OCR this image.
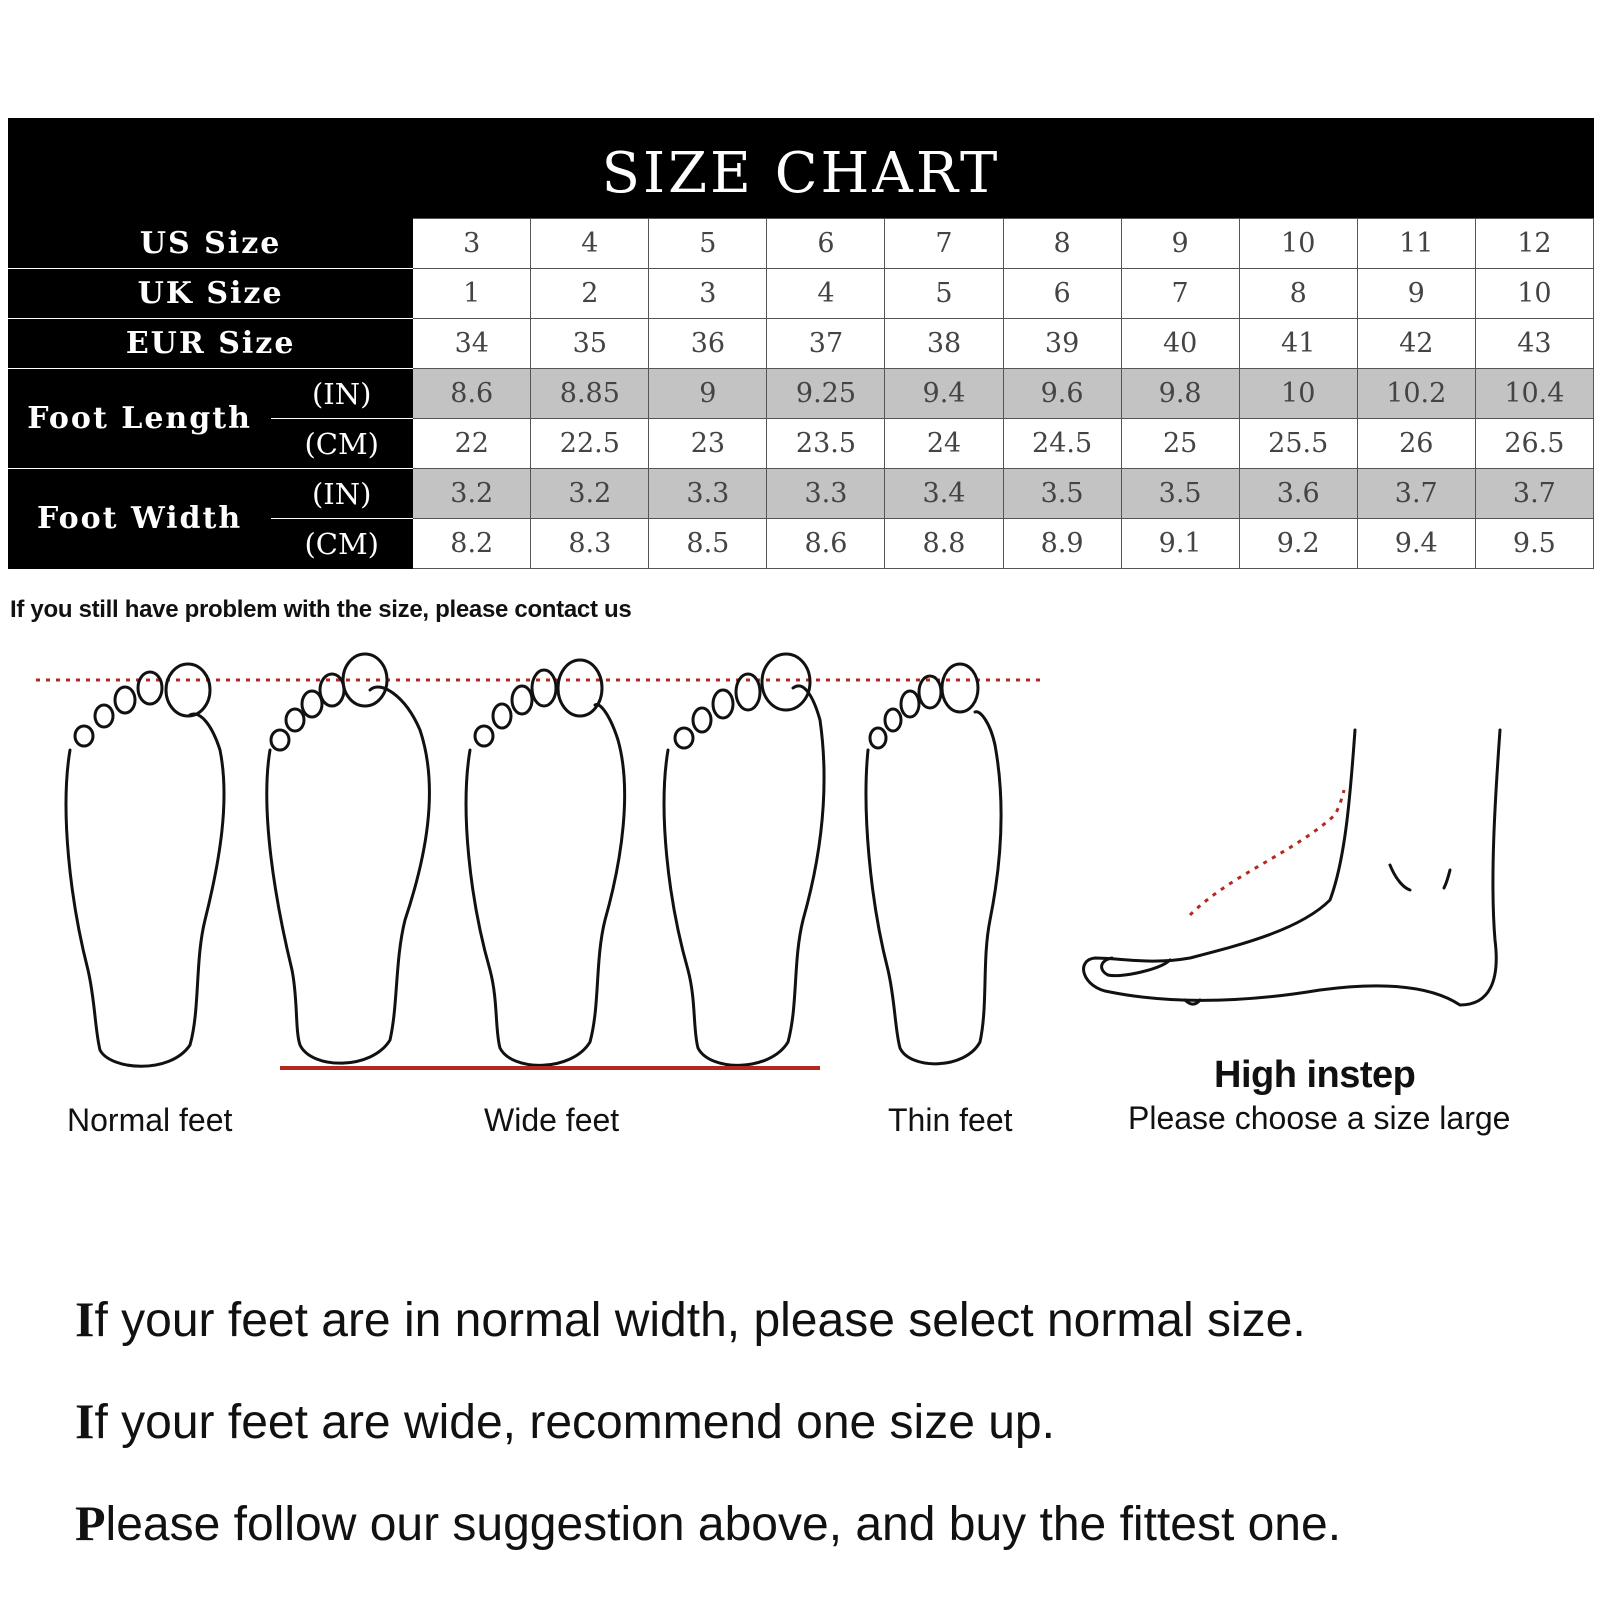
SIZE CHART
US Size		3	4	5	6	7	8	9	10	11	12
UK Size		1	2	3	4	5	6	7	8	9	10
EUR Size		34	35	36	37	38	39	40	41	42	43
Foot Length	(IN)	8.6	8.85	9	9.25	9.4	9.6	9.8	10	10.2	10.4
	(CM)	22	22.5	23	23.5	24	24.5	25	25.5	26	26.5
Foot Width	(IN)	3.2	3.2	3.3	3.3	3.4	3.5	3.5	3.6	3.7	3.7
	(CM)	8.2	8.3	8.5	8.6	8.8	8.9	9.1	9.2	9.4	9.5
If you still have problem with the size, please contact us
Normal feet	Wide feet	Thin feet
High instep
Please choose a size large
If your feet are in normal width, please select normal size.
If your feet are wide, recommend one size up.
Please follow our suggestion above, and buy the fittest one.
